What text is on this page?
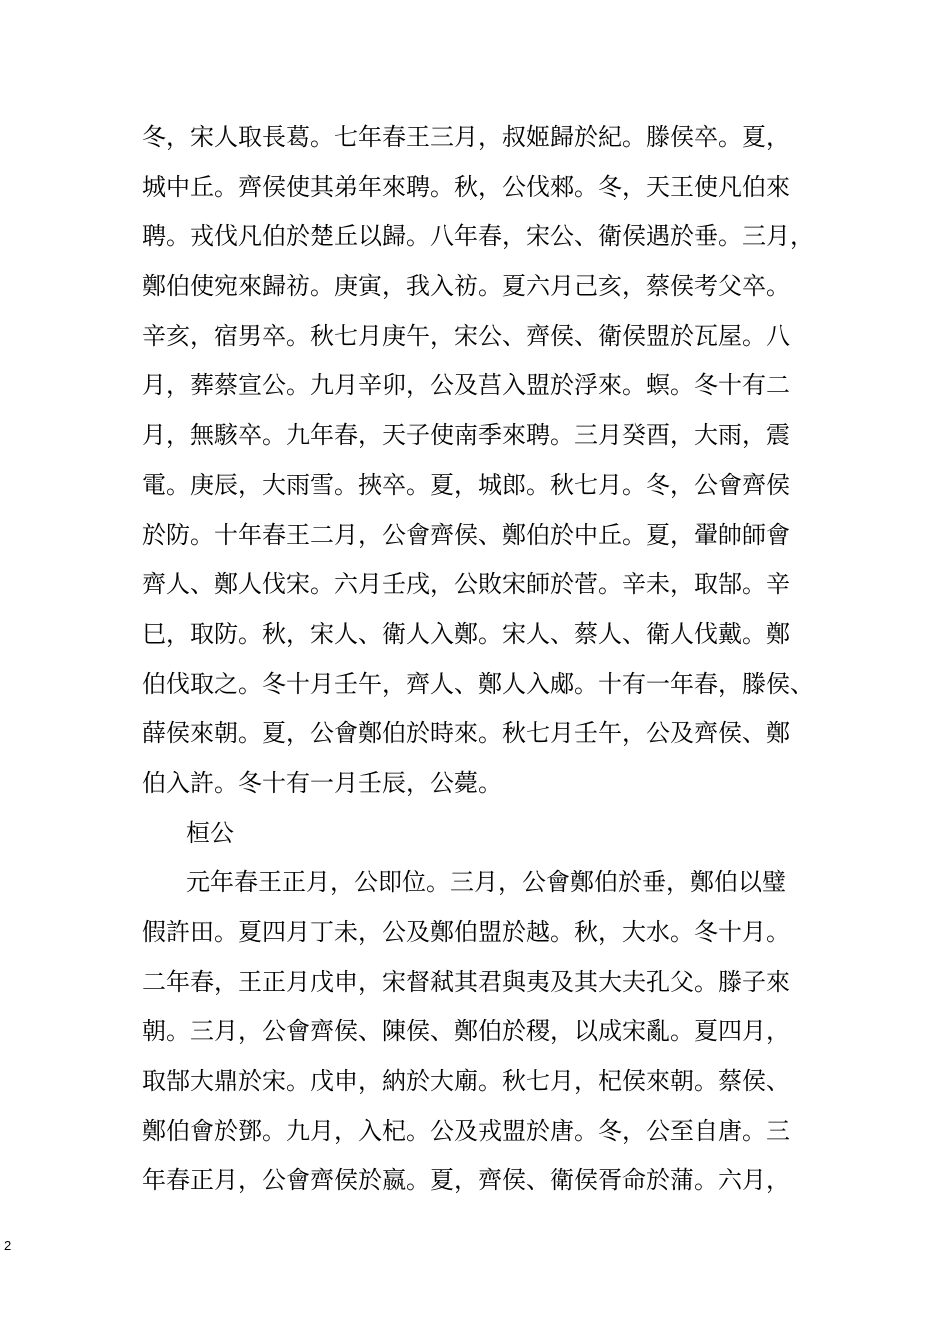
冬，宋人取長葛。七年春王三月，叔姬歸於紀。滕侯卒。夏，
城中丘。齊侯使其弟年來聘。秋，公伐郲。冬，天王使凡伯來
聘。戎伐凡伯於楚丘以歸。八年春，宋公、衛侯遇於垂。三月，
鄭伯使宛來歸祊。庚寅，我入祊。夏六月己亥，蔡侯考父卒。
辛亥，宿男卒。秋七月庚午，宋公、齊侯、衛侯盟於瓦屋。八
月，葬蔡宣公。九月辛卯，公及莒入盟於浮來。螟。冬十有二
月，無駭卒。九年春，天子使南季來聘。三月癸酉，大雨，震
電。庚辰，大雨雪。挾卒。夏，城郎。秋七月。冬，公會齊侯
於防。十年春王二月，公會齊侯、鄭伯於中丘。夏，翬帥師會
齊人、鄭人伐宋。六月壬戌，公敗宋師於菅。辛未，取郜。辛
巳，取防。秋，宋人、衛人入鄭。宋人、蔡人、衛人伐戴。鄭
伯伐取之。冬十月壬午，齊人、鄭人入郕。十有一年春，滕侯、
薛侯來朝。夏，公會鄭伯於時來。秋七月壬午，公及齊侯、鄭
伯入許。冬十有一月壬辰，公薨。
桓公
元年春王正月，公即位。三月，公會鄭伯於垂，鄭伯以璧
假許田。夏四月丁未，公及鄭伯盟於越。秋，大水。冬十月。
二年春，王正月戊申，宋督弒其君與夷及其大夫孔父。滕子來
朝。三月，公會齊侯、陳侯、鄭伯於稷，以成宋亂。夏四月，
取郜大鼎於宋。戊申，納於大廟。秋七月，杞侯來朝。蔡侯、
鄭伯會於鄧。九月，入杞。公及戎盟於唐。冬，公至自唐。三
年春正月，公會齊侯於嬴。夏，齊侯、衛侯胥命於蒲。六月，
2
